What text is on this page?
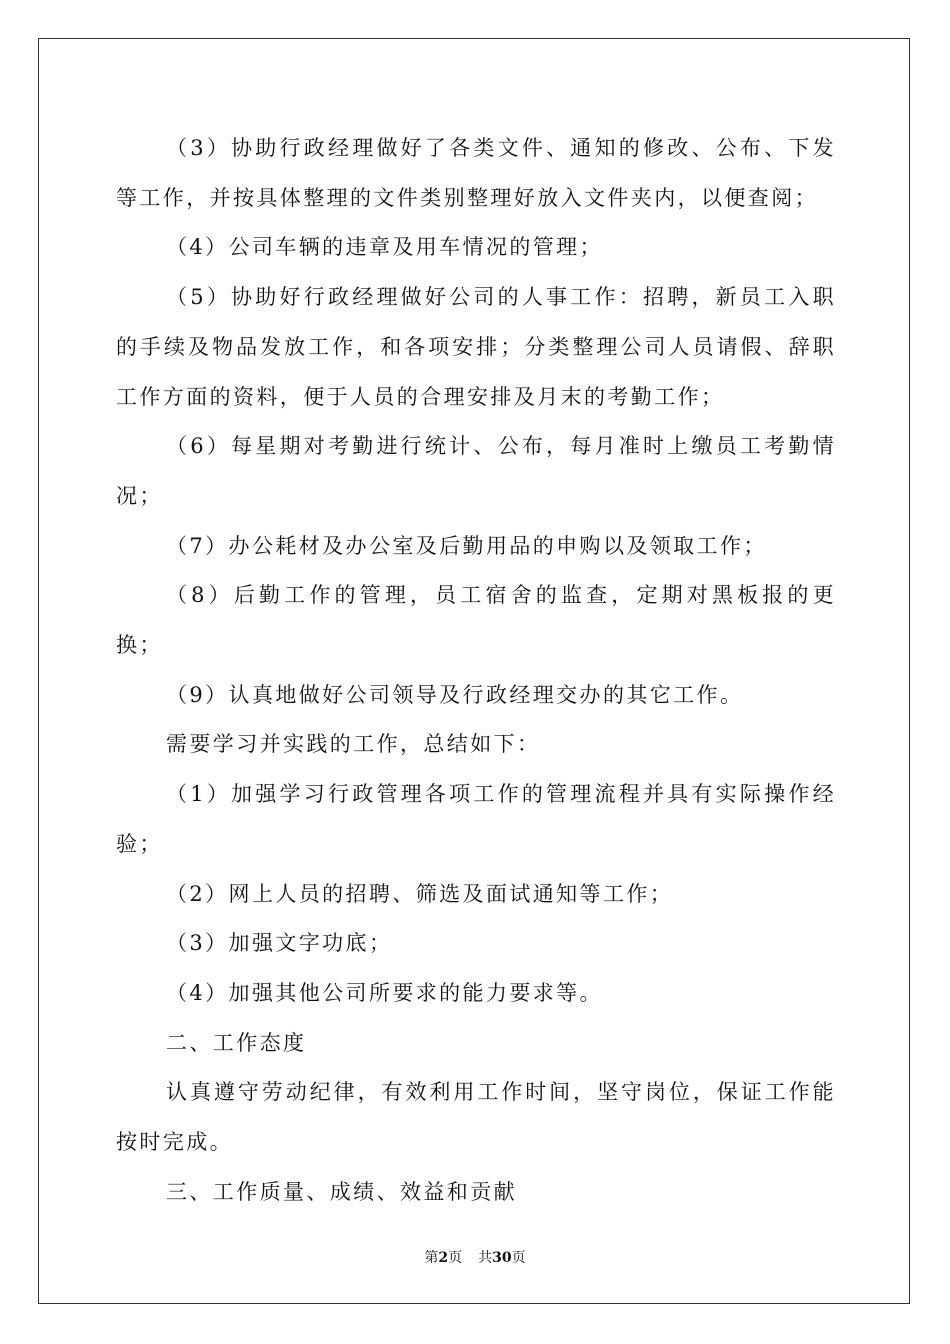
（3）协助行政经理做好了各类文件、通知的修改、公布、下发等工作，并按具体整理的文件类别整理好放入文件夹内，以便查阅；

（4）公司车辆的违章及用车情况的管理；

（5）协助好行政经理做好公司的人事工作：招聘，新员工入职的手续及物品发放工作，和各项安排；分类整理公司人员请假、辞职工作方面的资料，便于人员的合理安排及月末的考勤工作；

（6）每星期对考勤进行统计、公布，每月准时上缴员工考勤情况；

（7）办公耗材及办公室及后勤用品的申购以及领取工作；

（8）后勤工作的管理，员工宿舍的监查，定期对黑板报的更换；

（9）认真地做好公司领导及行政经理交办的其它工作。

需要学习并实践的工作，总结如下：

（1）加强学习行政管理各项工作的管理流程并具有实际操作经验；

（2）网上人员的招聘、筛选及面试通知等工作；

（3）加强文字功底；

（4）加强其他公司所要求的能力要求等。

二、工作态度

认真遵守劳动纪律，有效利用工作时间，坚守岗位，保证工作能按时完成。

三、工作质量、成绩、效益和贡献

第2页 共30页
